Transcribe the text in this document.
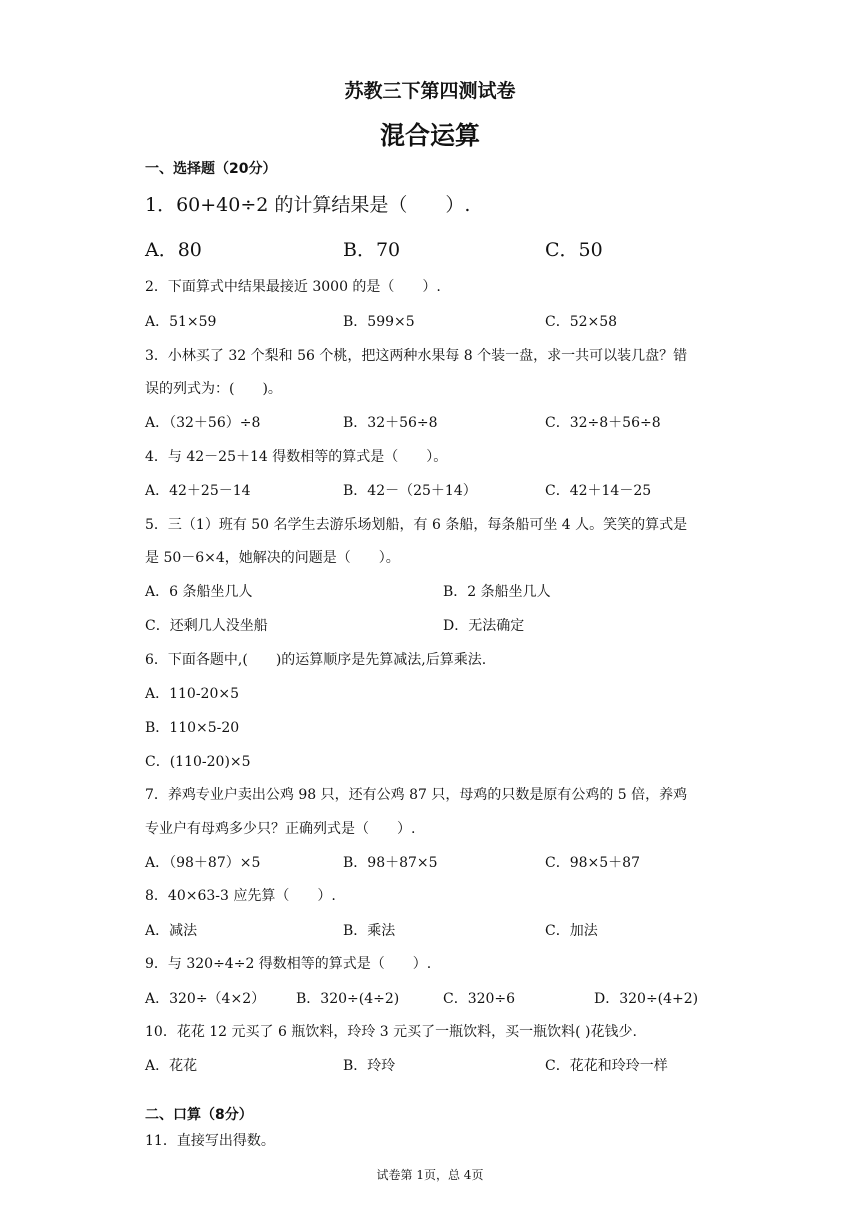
苏教三下第四测试卷
混合运算
一、选择题（20分）
1．60+40÷2 的计算结果是（　　）.
A．80	B．70	C．50
2．下面算式中结果最接近 3000 的是（　　）.
A．51×59	B．599×5	C．52×58
3．小林买了 32 个梨和 56 个桃，把这两种水果每 8 个装一盘，求一共可以装几盘？错
误的列式为：(　　)。
A．（32＋56）÷8	B．32＋56÷8	C．32÷8＋56÷8
4．与 42－25＋14 得数相等的算式是（　　）。
A．42＋25－14	B．42－（25＋14）	C．42＋14－25
5．三（1）班有 50 名学生去游乐场划船，有 6 条船，每条船可坐 4 人。笑笑的算式是
是 50－6×4，她解决的问题是（　　）。
A．6 条船坐几人	B．2 条船坐几人
C．还剩几人没坐船	D．无法确定
6．下面各题中,(　　)的运算顺序是先算减法,后算乘法.
A．110-20×5
B．110×5-20
C．(110-20)×5
7．养鸡专业户卖出公鸡 98 只，还有公鸡 87 只，母鸡的只数是原有公鸡的 5 倍，养鸡
专业户有母鸡多少只？正确列式是（　　）.
A．（98＋87）×5	B．98＋87×5	C．98×5＋87
8．40×63-3 应先算（　　）.
A．减法	B．乘法	C．加法
9．与 320÷4÷2 得数相等的算式是（　　）.
A．320÷（4×2） B．320÷(4÷2)	C．320÷6	D．320÷(4+2)
10．花花 12 元买了 6 瓶饮料，玲玲 3 元买了一瓶饮料，买一瓶饮料( )花钱少.
A．花花	B．玲玲	C．花花和玲玲一样
二、口算（8分）
11．直接写出得数。
试卷第 1页，总 4页
